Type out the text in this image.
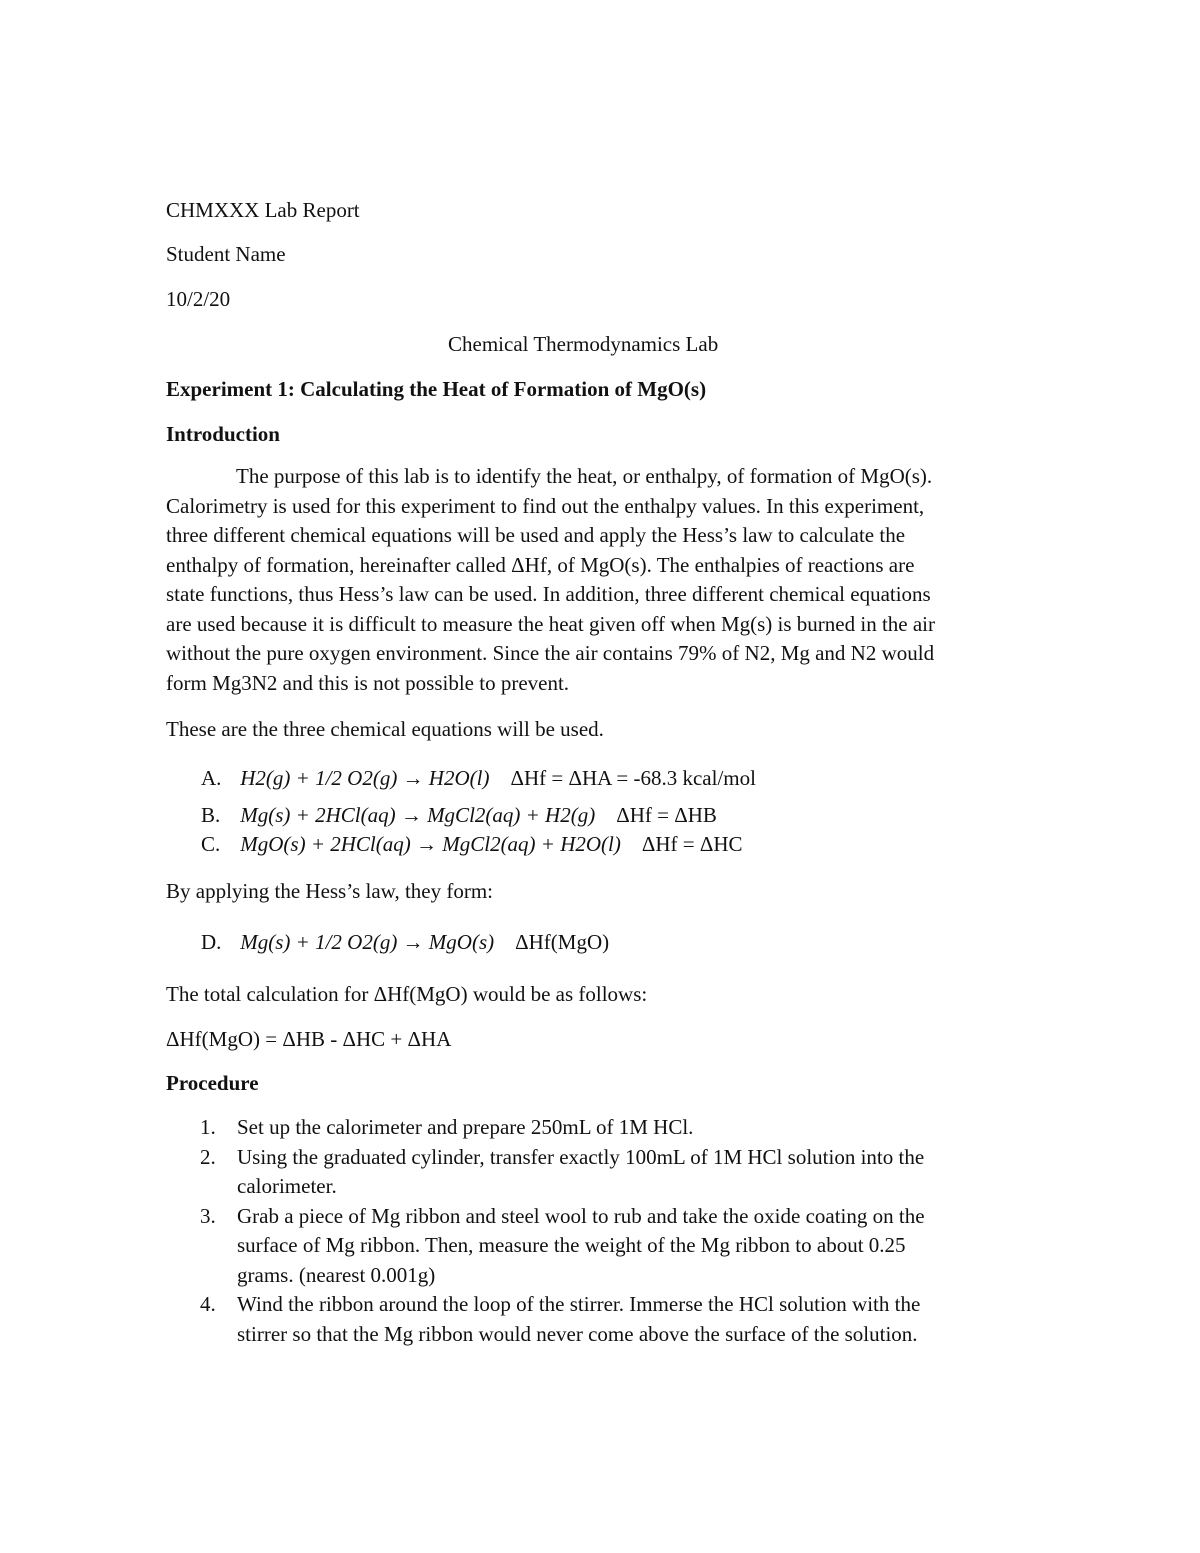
CHMXXX Lab Report
Student Name
10/2/20
Chemical Thermodynamics Lab
Experiment 1: Calculating the Heat of Formation of MgO(s)
Introduction

The purpose of this lab is to identify the heat, or enthalpy, of formation of MgO(s).

Calorimetry is used for this experiment to find out the enthalpy values. In this experiment,

three different chemical equations will be used and apply the Hess’s law to calculate the

enthalpy of formation, hereinafter called ΔHf, of MgO(s). The enthalpies of reactions are

state functions, thus Hess’s law can be used. In addition, three different chemical equations

are used because it is difficult to measure the heat given off when Mg(s) is burned in the air

without the pure oxygen environment. Since the air contains 79% of N2, Mg and N2 would

form Mg3N2 and this is not possible to prevent.

These are the three chemical equations will be used.
A. H2(g) + 1/2 O2(g) → H2O(l) ΔHf = ΔHA = -68.3 kcal/mol
B. Mg(s) + 2HCl(aq) → MgCl2(aq) + H2(g) ΔHf = ΔHB
C. MgO(s) + 2HCl(aq) → MgCl2(aq) + H2O(l) ΔHf = ΔHC
By applying the Hess’s law, they form:
D. Mg(s) + 1/2 O2(g) → MgO(s) ΔHf(MgO)
The total calculation for ΔHf(MgO) would be as follows:
ΔHf(MgO) = ΔHB - ΔHC + ΔHA
Procedure
1. Set up the calorimeter and prepare 250mL of 1M HCl.
2. Using the graduated cylinder, transfer exactly 100mL of 1M HCl solution into the
calorimeter.
3. Grab a piece of Mg ribbon and steel wool to rub and take the oxide coating on the
surface of Mg ribbon. Then, measure the weight of the Mg ribbon to about 0.25
grams. (nearest 0.001g)
4. Wind the ribbon around the loop of the stirrer. Immerse the HCl solution with the
stirrer so that the Mg ribbon would never come above the surface of the solution.
